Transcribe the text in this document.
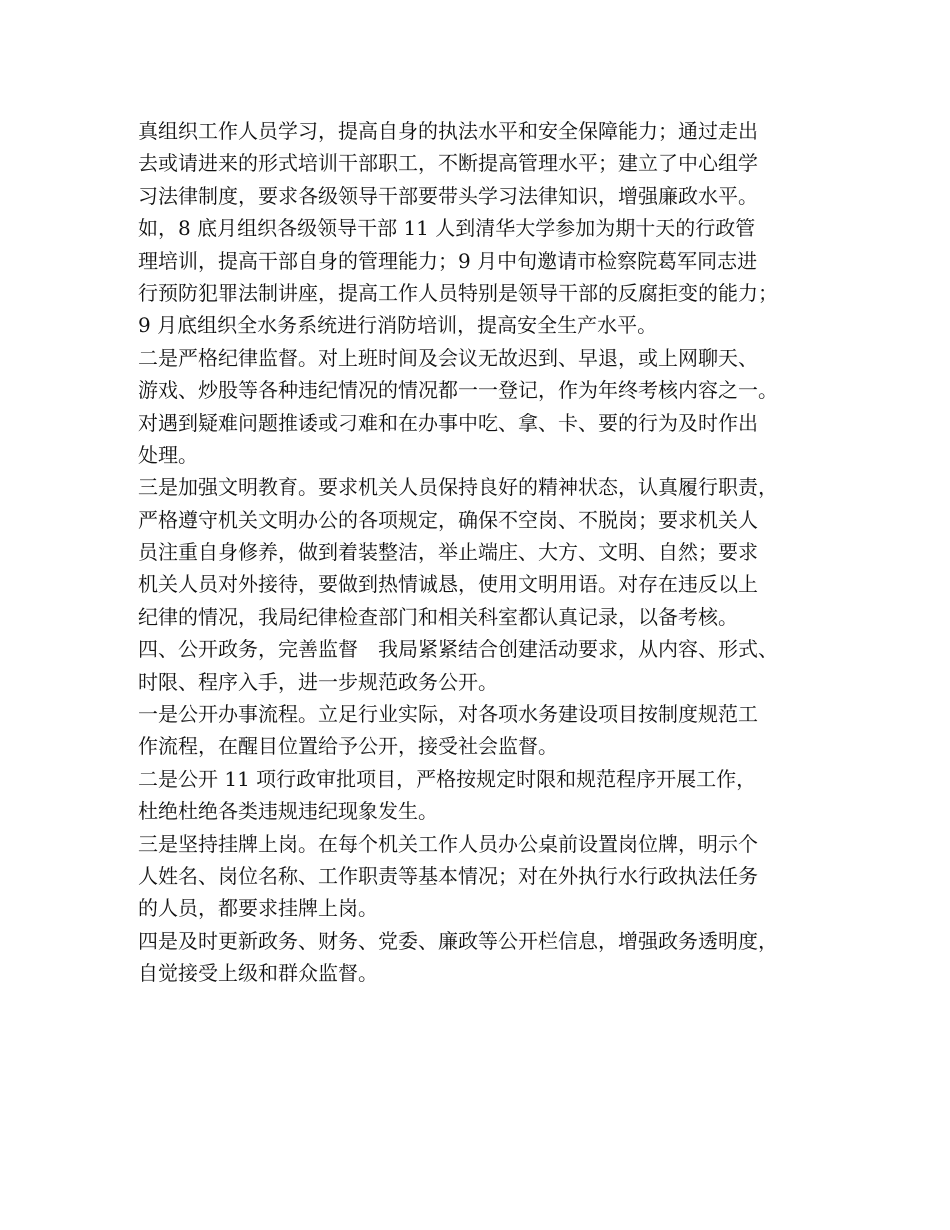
真组织工作人员学习，提高自身的执法水平和安全保障能力；通过走出
去或请进来的形式培训干部职工，不断提高管理水平；建立了中心组学
习法律制度，要求各级领导干部要带头学习法律知识，增强廉政水平。
如，8 底月组织各级领导干部 11 人到清华大学参加为期十天的行政管
理培训，提高干部自身的管理能力；9 月中旬邀请市检察院葛军同志进
行预防犯罪法制讲座，提高工作人员特别是领导干部的反腐拒变的能力；
9 月底组织全水务系统进行消防培训，提高安全生产水平。
二是严格纪律监督。对上班时间及会议无故迟到、早退，或上网聊天、
游戏、炒股等各种违纪情况的情况都一一登记，作为年终考核内容之一。
对遇到疑难问题推诿或刁难和在办事中吃、拿、卡、要的行为及时作出
处理。
三是加强文明教育。要求机关人员保持良好的精神状态，认真履行职责，
严格遵守机关文明办公的各项规定，确保不空岗、不脱岗；要求机关人
员注重自身修养，做到着装整洁，举止端庄、大方、文明、自然；要求
机关人员对外接待，要做到热情诚恳，使用文明用语。对存在违反以上
纪律的情况，我局纪律检查部门和相关科室都认真记录，以备考核。
四、公开政务，完善监督　我局紧紧结合创建活动要求，从内容、形式、
时限、程序入手，进一步规范政务公开。
一是公开办事流程。立足行业实际，对各项水务建设项目按制度规范工
作流程，在醒目位置给予公开，接受社会监督。
二是公开 11 项行政审批项目，严格按规定时限和规范程序开展工作，
杜绝杜绝各类违规违纪现象发生。
三是坚持挂牌上岗。在每个机关工作人员办公桌前设置岗位牌，明示个
人姓名、岗位名称、工作职责等基本情况；对在外执行水行政执法任务
的人员，都要求挂牌上岗。
四是及时更新政务、财务、党委、廉政等公开栏信息，增强政务透明度，
自觉接受上级和群众监督。
